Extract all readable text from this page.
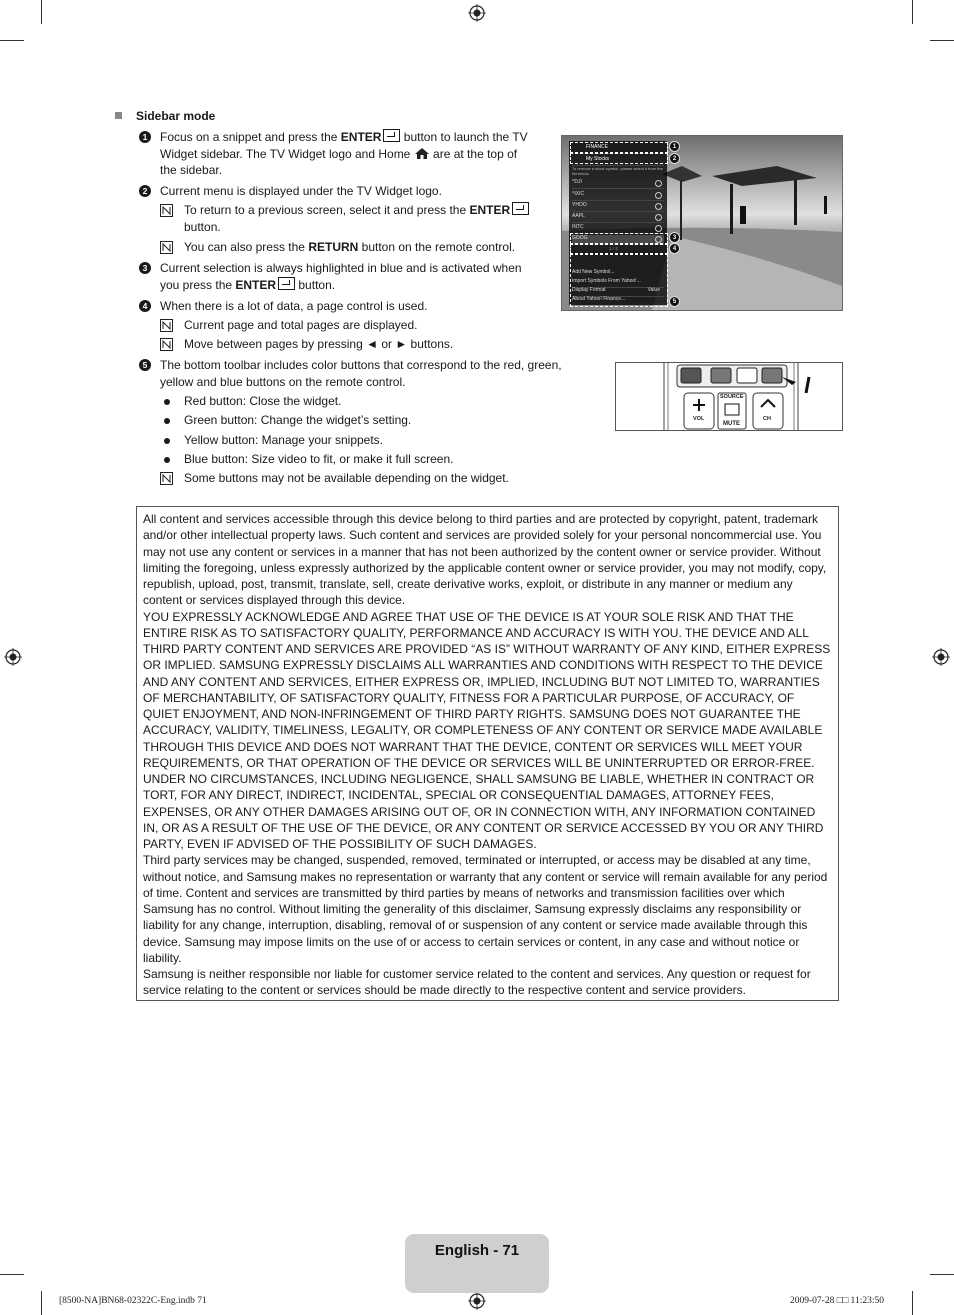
Sidebar mode
1	Focus on a snippet and press the ENTER button to launch the TV
Widget sidebar. The TV Widget logo and Home  are at the top of
the sidebar.
2	Current menu is displayed under the TV Widget logo.
To return to a previous screen, select it and press the ENTER
button.
You can also press the RETURN button on the remote control.
3	Current selection is always highlighted in blue and is activated when
you press the ENTER button.
4	When there is a lot of data, a page control is used.
Current page and total pages are displayed.
Move between pages by pressing ◄ or ► buttons.
5	The bottom toolbar includes color buttons that correspond to the red, green,
yellow and blue buttons on the remote control.
Red button: Close the widget.
Green button: Change the widget’s setting.
Yellow button: Manage your snippets.
Blue button: Size video to fit, or make it full screen.
Some buttons may not be available depending on the widget.
FINANCE
My Stocks
To remove a stock symbol, please select it from the list below.
^DJI
^IXIC
YHOO
AAPL
INTC
GOOG
1 / 2
Add New Symbol...
Import Symbols From Yahoo!...
Display Format	Value
About Yahoo! Finance...
1
2
3
4
5
VOL
SOURCE
MUTE
CH

All content and services accessible through this device belong to third parties and are protected by copyright, patent, trademark and/or other intellectual property laws. Such content and services are provided solely for your personal noncommercial use. You may not use any content or services in a manner that has not been authorized by the content owner or service provider. Without limiting the foregoing, unless expressly authorized by the applicable content owner or service provider, you may not modify, copy, republish, upload, post, transmit, translate, sell, create derivative works, exploit, or distribute in any manner or medium any content or services displayed through this device.

YOU EXPRESSLY ACKNOWLEDGE AND AGREE THAT USE OF THE DEVICE IS AT YOUR SOLE RISK AND THAT THE ENTIRE RISK AS TO SATISFACTORY QUALITY, PERFORMANCE AND ACCURACY IS WITH YOU. THE DEVICE AND ALL THIRD PARTY CONTENT AND SERVICES ARE PROVIDED “AS IS” WITHOUT WARRANTY OF ANY KIND, EITHER EXPRESS OR IMPLIED. SAMSUNG EXPRESSLY DISCLAIMS ALL WARRANTIES AND CONDITIONS WITH RESPECT TO THE DEVICE AND ANY CONTENT AND SERVICES, EITHER EXPRESS OR, IMPLIED, INCLUDING BUT NOT LIMITED TO, WARRANTIES OF MERCHANTABILITY, OF SATISFACTORY QUALITY, FITNESS FOR A PARTICULAR PURPOSE, OF ACCURACY, OF QUIET ENJOYMENT, AND NON-INFRINGEMENT OF THIRD PARTY RIGHTS. SAMSUNG DOES NOT GUARANTEE THE ACCURACY, VALIDITY, TIMELINESS, LEGALITY, OR COMPLETENESS OF ANY CONTENT OR SERVICE MADE AVAILABLE THROUGH THIS DEVICE AND DOES NOT WARRANT THAT THE DEVICE, CONTENT OR SERVICES WILL MEET YOUR REQUIREMENTS, OR THAT OPERATION OF THE DEVICE OR SERVICES WILL BE UNINTERRUPTED OR ERROR-FREE. UNDER NO CIRCUMSTANCES, INCLUDING NEGLIGENCE, SHALL SAMSUNG BE LIABLE, WHETHER IN CONTRACT OR TORT, FOR ANY DIRECT, INDIRECT, INCIDENTAL, SPECIAL OR CONSEQUENTIAL DAMAGES, ATTORNEY FEES, EXPENSES, OR ANY OTHER DAMAGES ARISING OUT OF, OR IN CONNECTION WITH, ANY INFORMATION CONTAINED IN, OR AS A RESULT OF THE USE OF THE DEVICE, OR ANY CONTENT OR SERVICE ACCESSED BY YOU OR ANY THIRD PARTY, EVEN IF ADVISED OF THE POSSIBILITY OF SUCH DAMAGES.

Third party services may be changed, suspended, removed, terminated or interrupted, or access may be disabled at any time, without notice, and Samsung makes no representation or warranty that any content or service will remain available for any period of time. Content and services are transmitted by third parties by means of networks and transmission facilities over which Samsung has no control. Without limiting the generality of this disclaimer, Samsung expressly disclaims any responsibility or liability for any change, interruption, disabling, removal of or suspension of any content or service made available through this device. Samsung may impose limits on the use of or access to certain services or content, in any case and without notice or liability.

Samsung is neither responsible nor liable for customer service related to the content and services. Any question or request for service relating to the content or services should be made directly to the respective content and service providers.

English - 71
[8500-NA]BN68-02322C-Eng.indb 71	2009-07-28 □□ 11:23:50
